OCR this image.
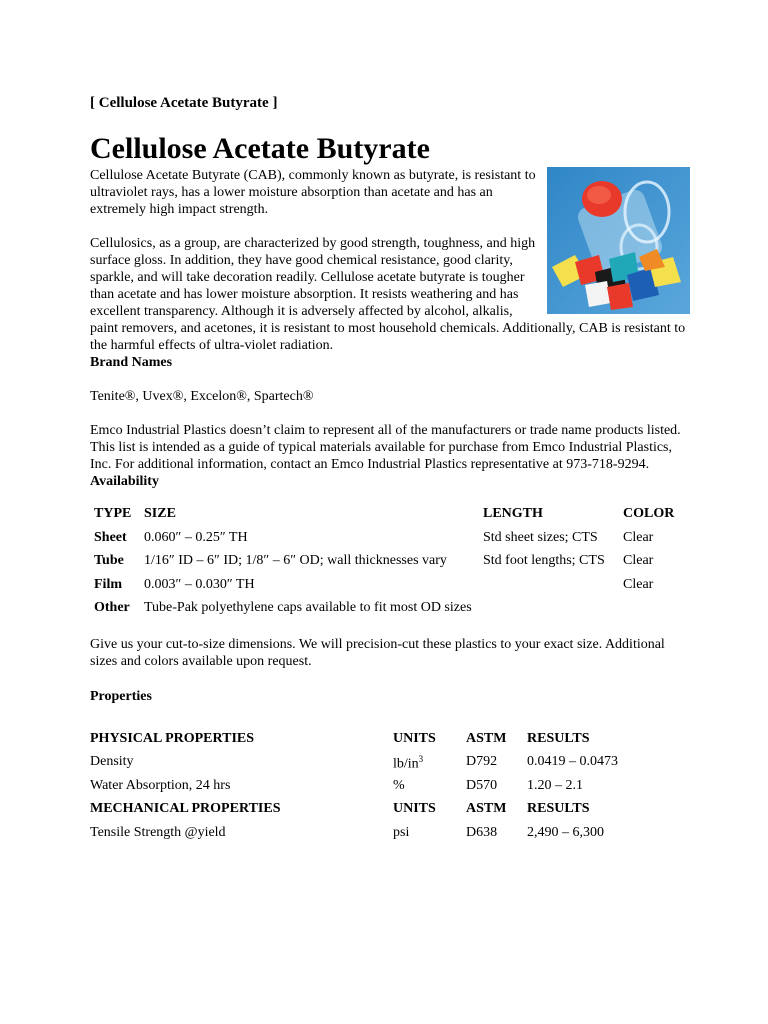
[ Cellulose Acetate Butyrate ]
Cellulose Acetate Butyrate

Cellulose Acetate Butyrate (CAB), commonly known as butyrate, is resistant to ultraviolet rays, has a lower moisture absorption than acetate and has an extremely high impact strength.

Cellulosics, as a group, are characterized by good strength, toughness, and high surface gloss. In addition, they have good chemical resistance, good clarity, sparkle, and will take decoration readily. Cellulose acetate butyrate is tougher than acetate and has lower moisture absorption. It resists weathering and has excellent transparency. Although it is adversely affected by alcohol, alkalis, paint removers, and acetones, it is resistant to most household chemicals. Additionally, CAB is resistant to the harmful effects of ultra-violet radiation.

Brand Names

Tenite®, Uvex®, Excelon®, Spartech®

Emco Industrial Plastics doesn’t claim to represent all of the manufacturers or trade name products listed. This list is intended as a guide of typical materials available for purchase from Emco Industrial Plastics, Inc. For additional information, contact an Emco Industrial Plastics representative at 973-718-9294.

Availability
TYPE	SIZE	LENGTH	COLOR
Sheet	0.060″ – 0.25″ TH	Std sheet sizes; CTS	Clear
Tube	1/16″ ID – 6″ ID; 1/8″ – 6″ OD; wall thicknesses vary	Std foot lengths; CTS	Clear
Film	0.003″ – 0.030″ TH		Clear
Other	Tube-Pak polyethylene caps available to fit most OD sizes		

Give us your cut-to-size dimensions. We will precision-cut these plastics to your exact size. Additional sizes and colors available upon request.

Properties
PHYSICAL PROPERTIES	UNITS	ASTM	RESULTS
Density	$lb/in^3$	D792	0.0419 – 0.0473
Water Absorption, 24 hrs	%	D570	1.20 – 2.1
MECHANICAL PROPERTIES	UNITS	ASTM	RESULTS
Tensile Strength @yield	psi	D638	2,490 – 6,300
